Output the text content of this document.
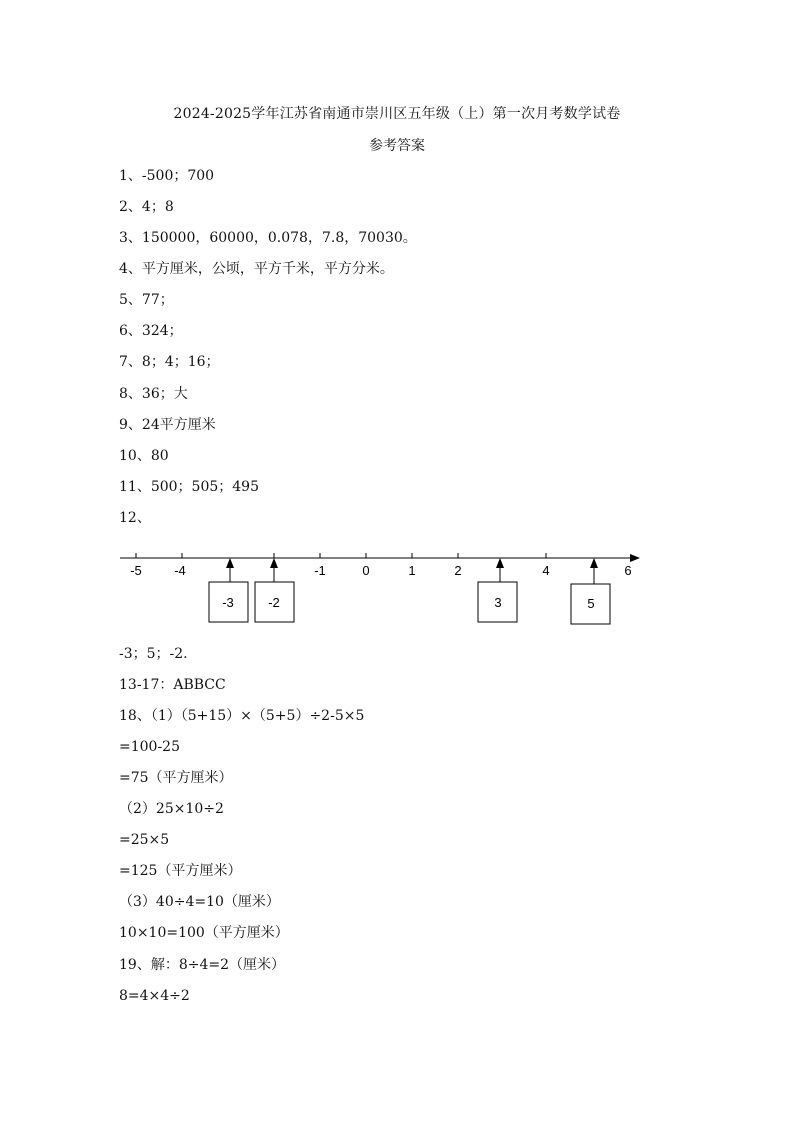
2024-2025学年江苏省南通市崇川区五年级（上）第一次月考数学试卷
参考答案
1、-500；700
2、4；8
3、150000，60000，0.078，7.8，70030。
4、平方厘米，公顷，平方千米，平方分米。
5、77；
6、324；
7、8；4；16；
8、36；大
9、24平方厘米
10、80
11、500；505；495
12、
-5 -4	-1	0	1	2	4	6
-3	-2	3	5
-3；5；-2.
13-17：ABBCC
18、（1）（5+15）×（5+5）÷2-5×5
=100-25
=75（平方厘米）
（2）25×10÷2
=25×5
=125（平方厘米）
（3）40÷4=10（厘米）
10×10=100（平方厘米）
19、解：8÷4=2（厘米）
8=4×4÷2
